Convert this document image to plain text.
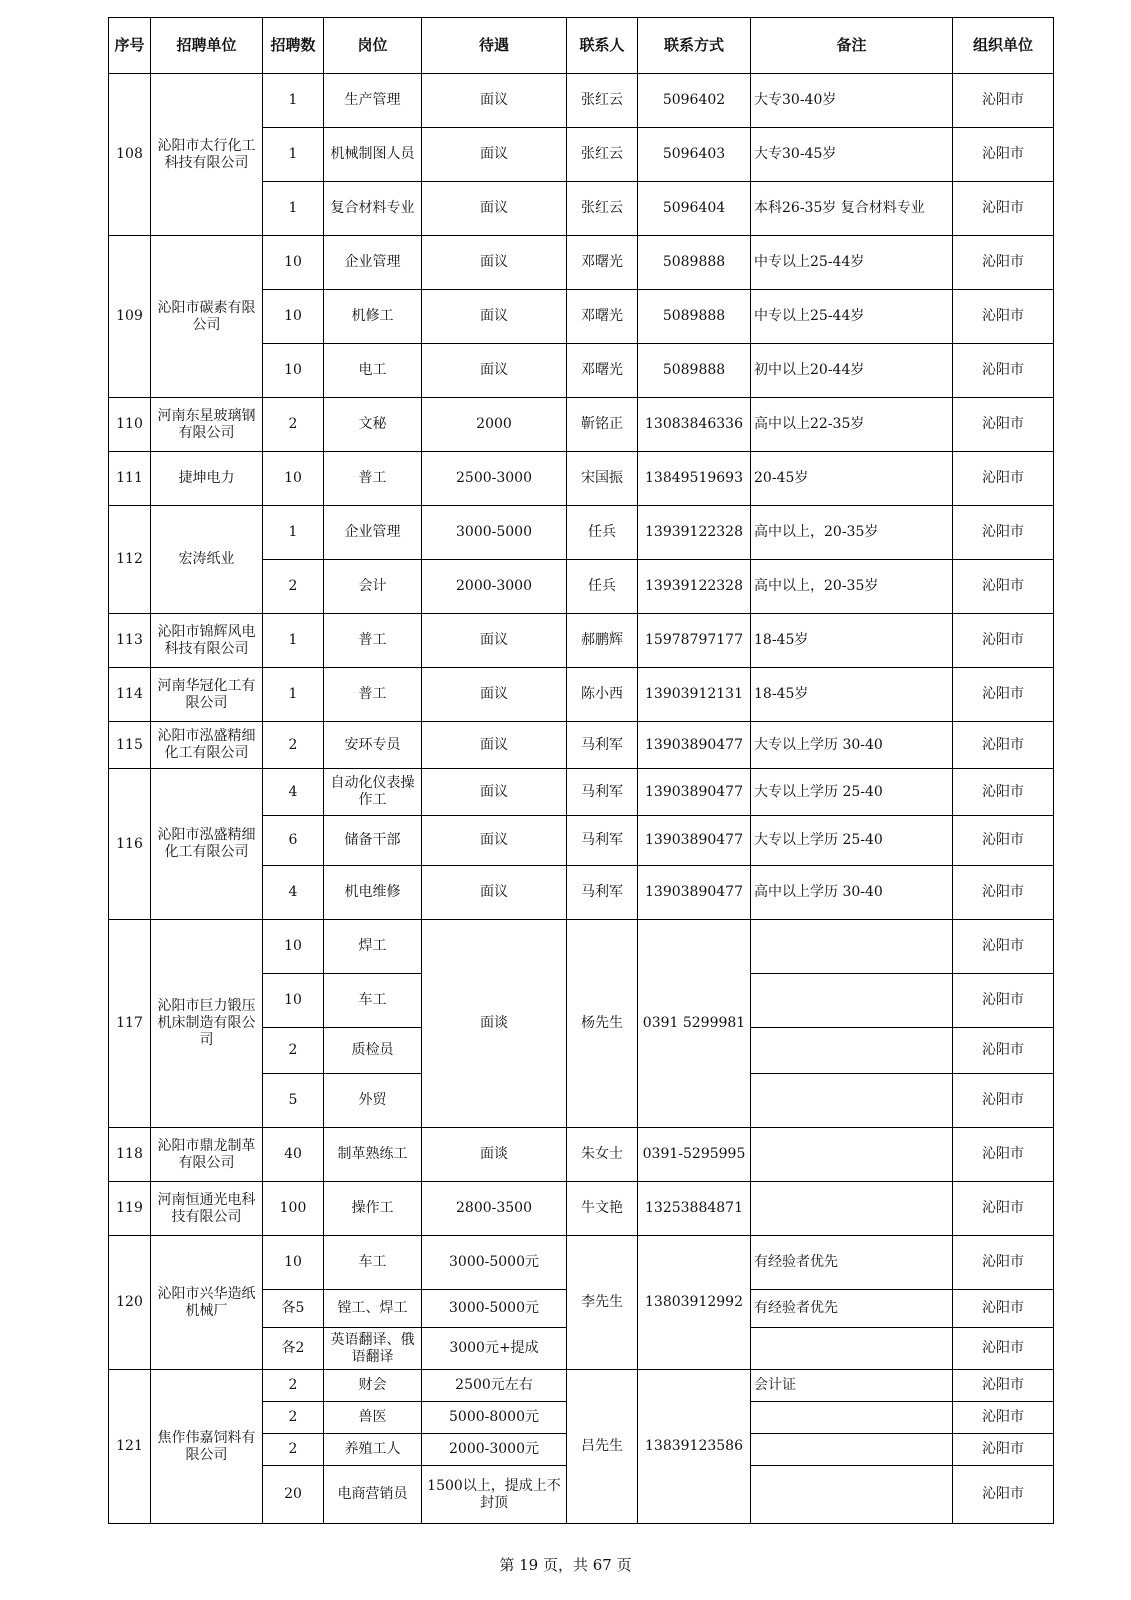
序号	招聘单位	招聘数	岗位	待遇	联系人	联系方式	备注	组织单位
108	沁阳市太行化工科技有限公司	1	生产管理	面议	张红云	5096402	大专30-40岁	沁阳市
		1	机械制图人员	面议	张红云	5096403	大专30-45岁	沁阳市
		1	复合材料专业	面议	张红云	5096404	本科26-35岁 复合材料专业	沁阳市
109	沁阳市碳素有限公司	10	企业管理	面议	邓曙光	5089888	中专以上25-44岁	沁阳市
		10	机修工	面议	邓曙光	5089888	中专以上25-44岁	沁阳市
		10	电工	面议	邓曙光	5089888	初中以上20-44岁	沁阳市
110	河南东星玻璃钢有限公司	2	文秘	2000	靳铭正	13083846336	高中以上22-35岁	沁阳市
111	捷坤电力	10	普工	2500-3000	宋国振	13849519693	20-45岁	沁阳市
112	宏涛纸业	1	企业管理	3000-5000	任兵	13939122328	高中以上，20-35岁	沁阳市
		2	会计	2000-3000	任兵	13939122328	高中以上，20-35岁	沁阳市
113	沁阳市锦辉风电科技有限公司	1	普工	面议	郝鹏辉	15978797177	18-45岁	沁阳市
114	河南华冠化工有限公司	1	普工	面议	陈小西	13903912131	18-45岁	沁阳市
115	沁阳市泓盛精细化工有限公司	2	安环专员	面议	马利军	13903890477	大专以上学历 30-40	沁阳市
116	沁阳市泓盛精细化工有限公司	4	自动化仪表操作工	面议	马利军	13903890477	大专以上学历 25-40	沁阳市
		6	储备干部	面议	马利军	13903890477	大专以上学历 25-40	沁阳市
		4	机电维修	面议	马利军	13903890477	高中以上学历 30-40	沁阳市
117	沁阳市巨力锻压机床制造有限公司	10	焊工	面谈	杨先生	0391 5299981		沁阳市
		10	车工					沁阳市
		2	质检员					沁阳市
		5	外贸					沁阳市
118	沁阳市鼎龙制革有限公司	40	制革熟练工	面谈	朱女士	0391-5295995		沁阳市
119	河南恒通光电科技有限公司	100	操作工	2800-3500	牛文艳	13253884871		沁阳市
120	沁阳市兴华造纸机械厂	10	车工	3000-5000元	李先生	13803912992	有经验者优先	沁阳市
		各5	镗工、焊工	3000-5000元			有经验者优先	沁阳市
		各2	英语翻译、俄语翻译	3000元+提成				沁阳市
121	焦作伟嘉饲料有限公司	2	财会	2500元左右	吕先生	13839123586	会计证	沁阳市
		2	兽医	5000-8000元				沁阳市
		2	养殖工人	2000-3000元				沁阳市
		20	电商营销员	1500以上，提成上不封顶				沁阳市
第 19 页，共 67 页
